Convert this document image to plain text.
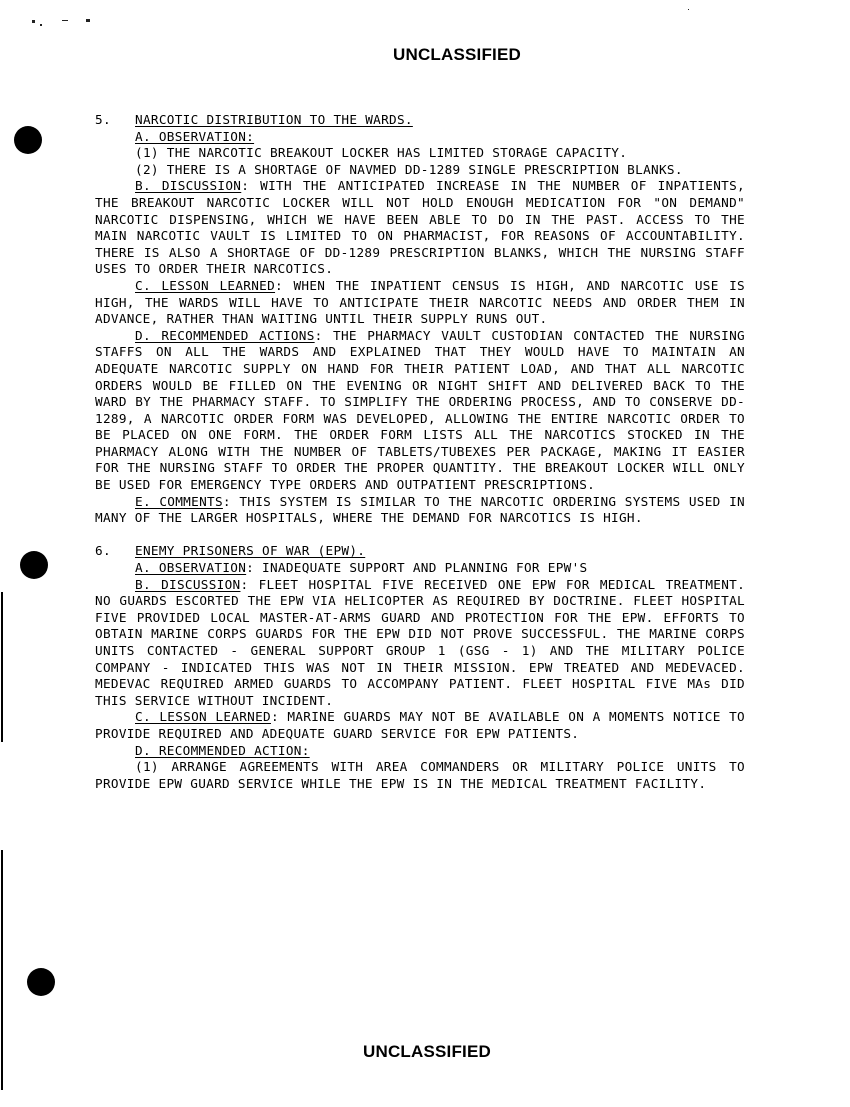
UNCLASSIFIED

5. NARCOTIC DISTRIBUTION TO THE WARDS.

A. OBSERVATION:

(1) THE NARCOTIC BREAKOUT LOCKER HAS LIMITED STORAGE CAPACITY.

(2) THERE IS A SHORTAGE OF NAVMED DD-1289 SINGLE PRESCRIPTION BLANKS.

B. DISCUSSION: WITH THE ANTICIPATED INCREASE IN THE NUMBER OF INPATIENTS, THE BREAKOUT NARCOTIC LOCKER WILL NOT HOLD ENOUGH MEDICATION FOR "ON DEMAND" NARCOTIC DISPENSING, WHICH WE HAVE BEEN ABLE TO DO IN THE PAST. ACCESS TO THE MAIN NARCOTIC VAULT IS LIMITED TO ON PHARMACIST, FOR REASONS OF ACCOUNTABILITY. THERE IS ALSO A SHORTAGE OF DD-1289 PRESCRIPTION BLANKS, WHICH THE NURSING STAFF USES TO ORDER THEIR NARCOTICS.

C. LESSON LEARNED: WHEN THE INPATIENT CENSUS IS HIGH, AND NARCOTIC USE IS HIGH, THE WARDS WILL HAVE TO ANTICIPATE THEIR NARCOTIC NEEDS AND ORDER THEM IN ADVANCE, RATHER THAN WAITING UNTIL THEIR SUPPLY RUNS OUT.

D. RECOMMENDED ACTIONS: THE PHARMACY VAULT CUSTODIAN CONTACTED THE NURSING STAFFS ON ALL THE WARDS AND EXPLAINED THAT THEY WOULD HAVE TO MAINTAIN AN ADEQUATE NARCOTIC SUPPLY ON HAND FOR THEIR PATIENT LOAD, AND THAT ALL NARCOTIC ORDERS WOULD BE FILLED ON THE EVENING OR NIGHT SHIFT AND DELIVERED BACK TO THE WARD BY THE PHARMACY STAFF. TO SIMPLIFY THE ORDERING PROCESS, AND TO CONSERVE DD-1289, A NARCOTIC ORDER FORM WAS DEVELOPED, ALLOWING THE ENTIRE NARCOTIC ORDER TO BE PLACED ON ONE FORM. THE ORDER FORM LISTS ALL THE NARCOTICS STOCKED IN THE PHARMACY ALONG WITH THE NUMBER OF TABLETS/TUBEXES PER PACKAGE, MAKING IT EASIER FOR THE NURSING STAFF TO ORDER THE PROPER QUANTITY. THE BREAKOUT LOCKER WILL ONLY BE USED FOR EMERGENCY TYPE ORDERS AND OUTPATIENT PRESCRIPTIONS.

E. COMMENTS: THIS SYSTEM IS SIMILAR TO THE NARCOTIC ORDERING SYSTEMS USED IN MANY OF THE LARGER HOSPITALS, WHERE THE DEMAND FOR NARCOTICS IS HIGH.

6. ENEMY PRISONERS OF WAR (EPW).

A. OBSERVATION: INADEQUATE SUPPORT AND PLANNING FOR EPW'S

B. DISCUSSION: FLEET HOSPITAL FIVE RECEIVED ONE EPW FOR MEDICAL TREATMENT. NO GUARDS ESCORTED THE EPW VIA HELICOPTER AS REQUIRED BY DOCTRINE. FLEET HOSPITAL FIVE PROVIDED LOCAL MASTER-AT-ARMS GUARD AND PROTECTION FOR THE EPW. EFFORTS TO OBTAIN MARINE CORPS GUARDS FOR THE EPW DID NOT PROVE SUCCESSFUL. THE MARINE CORPS UNITS CONTACTED - GENERAL SUPPORT GROUP 1 (GSG - 1) AND THE MILITARY POLICE COMPANY - INDICATED THIS WAS NOT IN THEIR MISSION. EPW TREATED AND MEDEVACED. MEDEVAC REQUIRED ARMED GUARDS TO ACCOMPANY PATIENT. FLEET HOSPITAL FIVE MAs DID THIS SERVICE WITHOUT INCIDENT.

C. LESSON LEARNED: MARINE GUARDS MAY NOT BE AVAILABLE ON A MOMENTS NOTICE TO PROVIDE REQUIRED AND ADEQUATE GUARD SERVICE FOR EPW PATIENTS.

D. RECOMMENDED ACTION:

(1) ARRANGE AGREEMENTS WITH AREA COMMANDERS OR MILITARY POLICE UNITS TO PROVIDE EPW GUARD SERVICE WHILE THE EPW IS IN THE MEDICAL TREATMENT FACILITY.

UNCLASSIFIED
